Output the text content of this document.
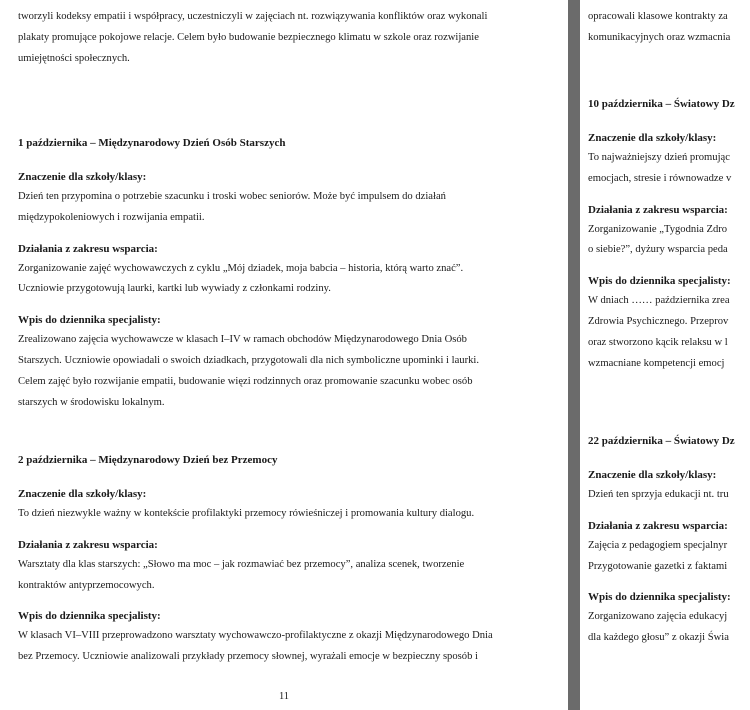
tworzyli kodeksy empatii i współpracy, uczestniczyli w zajęciach nt. rozwiązywania konfliktów oraz wykonali

plakaty promujące pokojowe relacje. Celem było budowanie bezpiecznego klimatu w szkole oraz rozwijanie

umiejętności społecznych.

1 października – Międzynarodowy Dzień Osób Starszych
Znaczenie dla szkoły/klasy:

Dzień ten przypomina o potrzebie szacunku i troski wobec seniorów. Może być impulsem do działań

międzypokoleniowych i rozwijania empatii.

Działania z zakresu wsparcia:

Zorganizowanie zajęć wychowawczych z cyklu „Mój dziadek, moja babcia – historia, którą warto znać”.

Uczniowie przygotowują laurki, kartki lub wywiady z członkami rodziny.

Wpis do dziennika specjalisty:

Zrealizowano zajęcia wychowawcze w klasach I–IV w ramach obchodów Międzynarodowego Dnia Osób

Starszych. Uczniowie opowiadali o swoich dziadkach, przygotowali dla nich symboliczne upominki i laurki.

Celem zajęć było rozwijanie empatii, budowanie więzi rodzinnych oraz promowanie szacunku wobec osób

starszych w środowisku lokalnym.

2 października – Międzynarodowy Dzień bez Przemocy
Znaczenie dla szkoły/klasy:

To dzień niezwykle ważny w kontekście profilaktyki przemocy rówieśniczej i promowania kultury dialogu.

Działania z zakresu wsparcia:

Warsztaty dla klas starszych: „Słowo ma moc – jak rozmawiać bez przemocy”, analiza scenek, tworzenie

kontraktów antyprzemocowych.

Wpis do dziennika specjalisty:

W klasach VI–VIII przeprowadzono warsztaty wychowawczo-profilaktyczne z okazji Międzynarodowego Dnia

bez Przemocy. Uczniowie analizowali przykłady przemocy słownej, wyrażali emocje w bezpieczny sposób i

11

opracowali klasowe kontrakty za

komunikacyjnych oraz wzmacnia

10 października – Światowy Dz
Znaczenie dla szkoły/klasy:

To najważniejszy dzień promując

emocjach, stresie i równowadze v

Działania z zakresu wsparcia:

Zorganizowanie „Tygodnia Zdro

o siebie?”, dyżury wsparcia peda

Wpis do dziennika specjalisty:

W dniach …… października zrea

Zdrowia Psychicznego. Przeprov

oraz stworzono kącik relaksu w l

wzmacniane kompetencji emocj

22 października – Światowy Dz
Znaczenie dla szkoły/klasy:

Dzień ten sprzyja edukacji nt. tru

Działania z zakresu wsparcia:

Zajęcia z pedagogiem specjalnyr

Przygotowanie gazetki z faktami

Wpis do dziennika specjalisty:

Zorganizowano zajęcia edukacyj

dla każdego głosu” z okazji Świa
